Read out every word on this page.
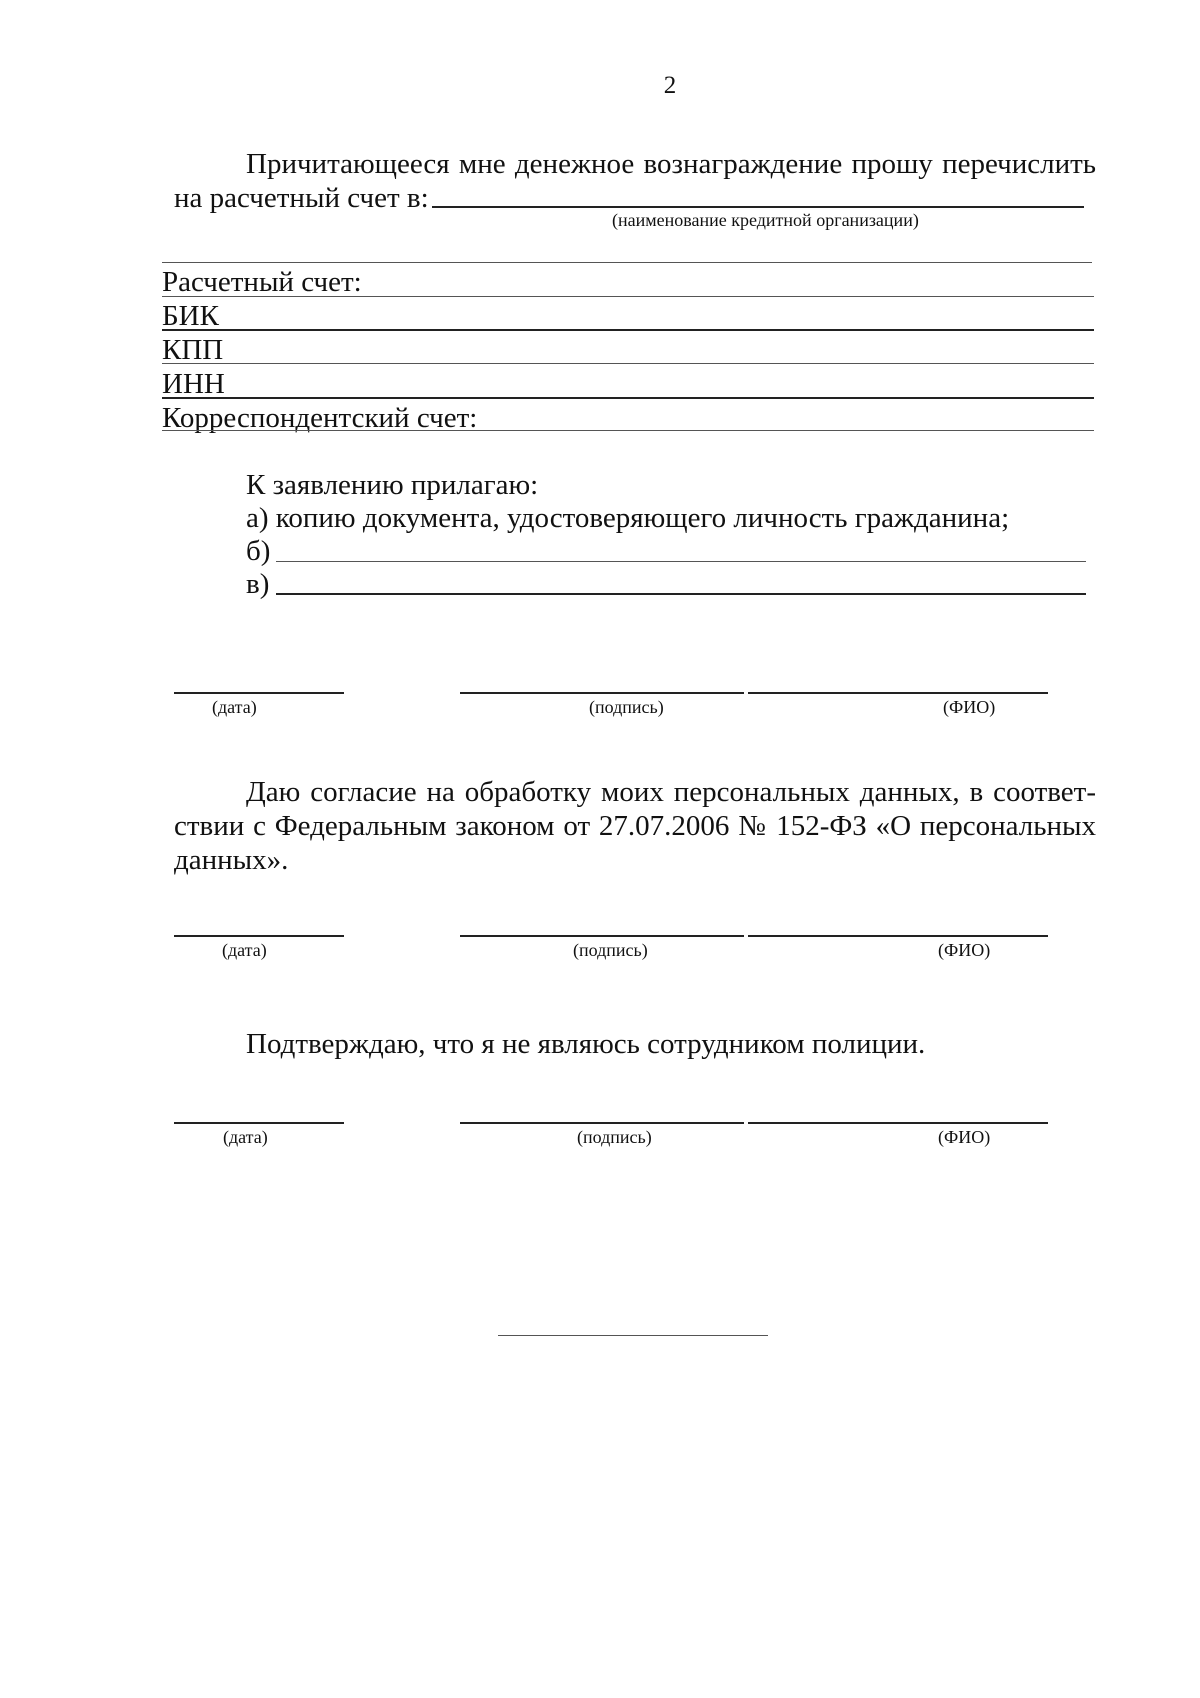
2
Причитающееся мне денежное вознаграждение прошу перечислить
на расчетный счет в:
(наименование кредитной организации)
Расчетный счет:
БИК
КПП
ИНН
Корреспондентский счет:
К заявлению прилагаю:
а) копию документа, удостоверяющего личность гражданина;
б)
в)
(дата)	(подпись)	(ФИО)
Даю согласие на обработку моих персональных данных, в соответ-
ствии с Федеральным законом от 27.07.2006 № 152-ФЗ «О персональных
данных».
(дата)	(подпись)	(ФИО)
Подтверждаю, что я не являюсь сотрудником полиции.
(дата)	(подпись)	(ФИО)
